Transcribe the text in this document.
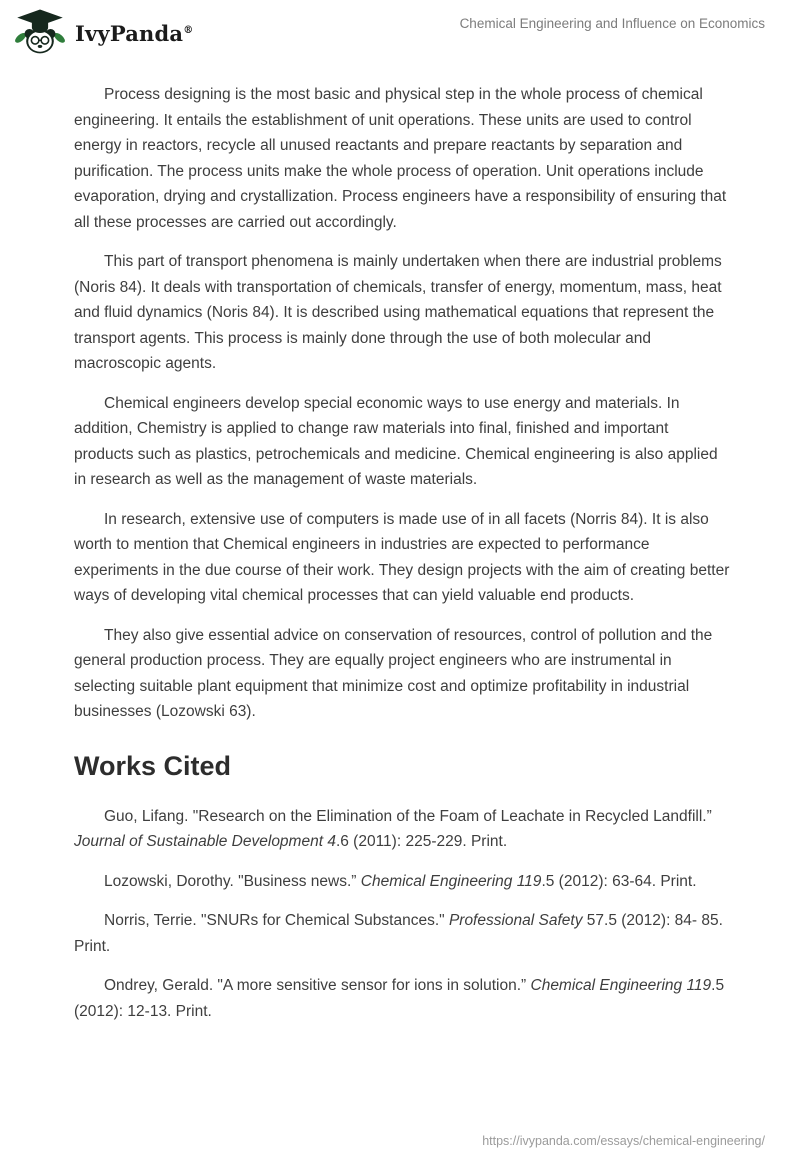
IvyPanda®	Chemical Engineering and Influence on Economics

Process designing is the most basic and physical step in the whole process of chemical engineering. It entails the establishment of unit operations. These units are used to control energy in reactors, recycle all unused reactants and prepare reactants by separation and purification. The process units make the whole process of operation. Unit operations include evaporation, drying and crystallization. Process engineers have a responsibility of ensuring that all these processes are carried out accordingly.

This part of transport phenomena is mainly undertaken when there are industrial problems (Noris 84). It deals with transportation of chemicals, transfer of energy, momentum, mass, heat and fluid dynamics (Noris 84). It is described using mathematical equations that represent the transport agents. This process is mainly done through the use of both molecular and macroscopic agents.

Chemical engineers develop special economic ways to use energy and materials. In addition, Chemistry is applied to change raw materials into final, finished and important products such as plastics, petrochemicals and medicine. Chemical engineering is also applied in research as well as the management of waste materials.

In research, extensive use of computers is made use of in all facets (Norris 84). It is also worth to mention that Chemical engineers in industries are expected to performance experiments in the due course of their work. They design projects with the aim of creating better ways of developing vital chemical processes that can yield valuable end products.

They also give essential advice on conservation of resources, control of pollution and the general production process. They are equally project engineers who are instrumental in selecting suitable plant equipment that minimize cost and optimize profitability in industrial businesses (Lozowski 63).

Works Cited

Guo, Lifang. "Research on the Elimination of the Foam of Leachate in Recycled Landfill.” Journal of Sustainable Development 4.6 (2011): 225-229. Print.

Lozowski, Dorothy. "Business news.” Chemical Engineering 119.5 (2012): 63-64. Print.

Norris, Terrie. "SNURs for Chemical Substances." Professional Safety 57.5 (2012): 84- 85. Print.

Ondrey, Gerald. "A more sensitive sensor for ions in solution.” Chemical Engineering 119.5 (2012): 12-13. Print.

https://ivypanda.com/essays/chemical-engineering/
